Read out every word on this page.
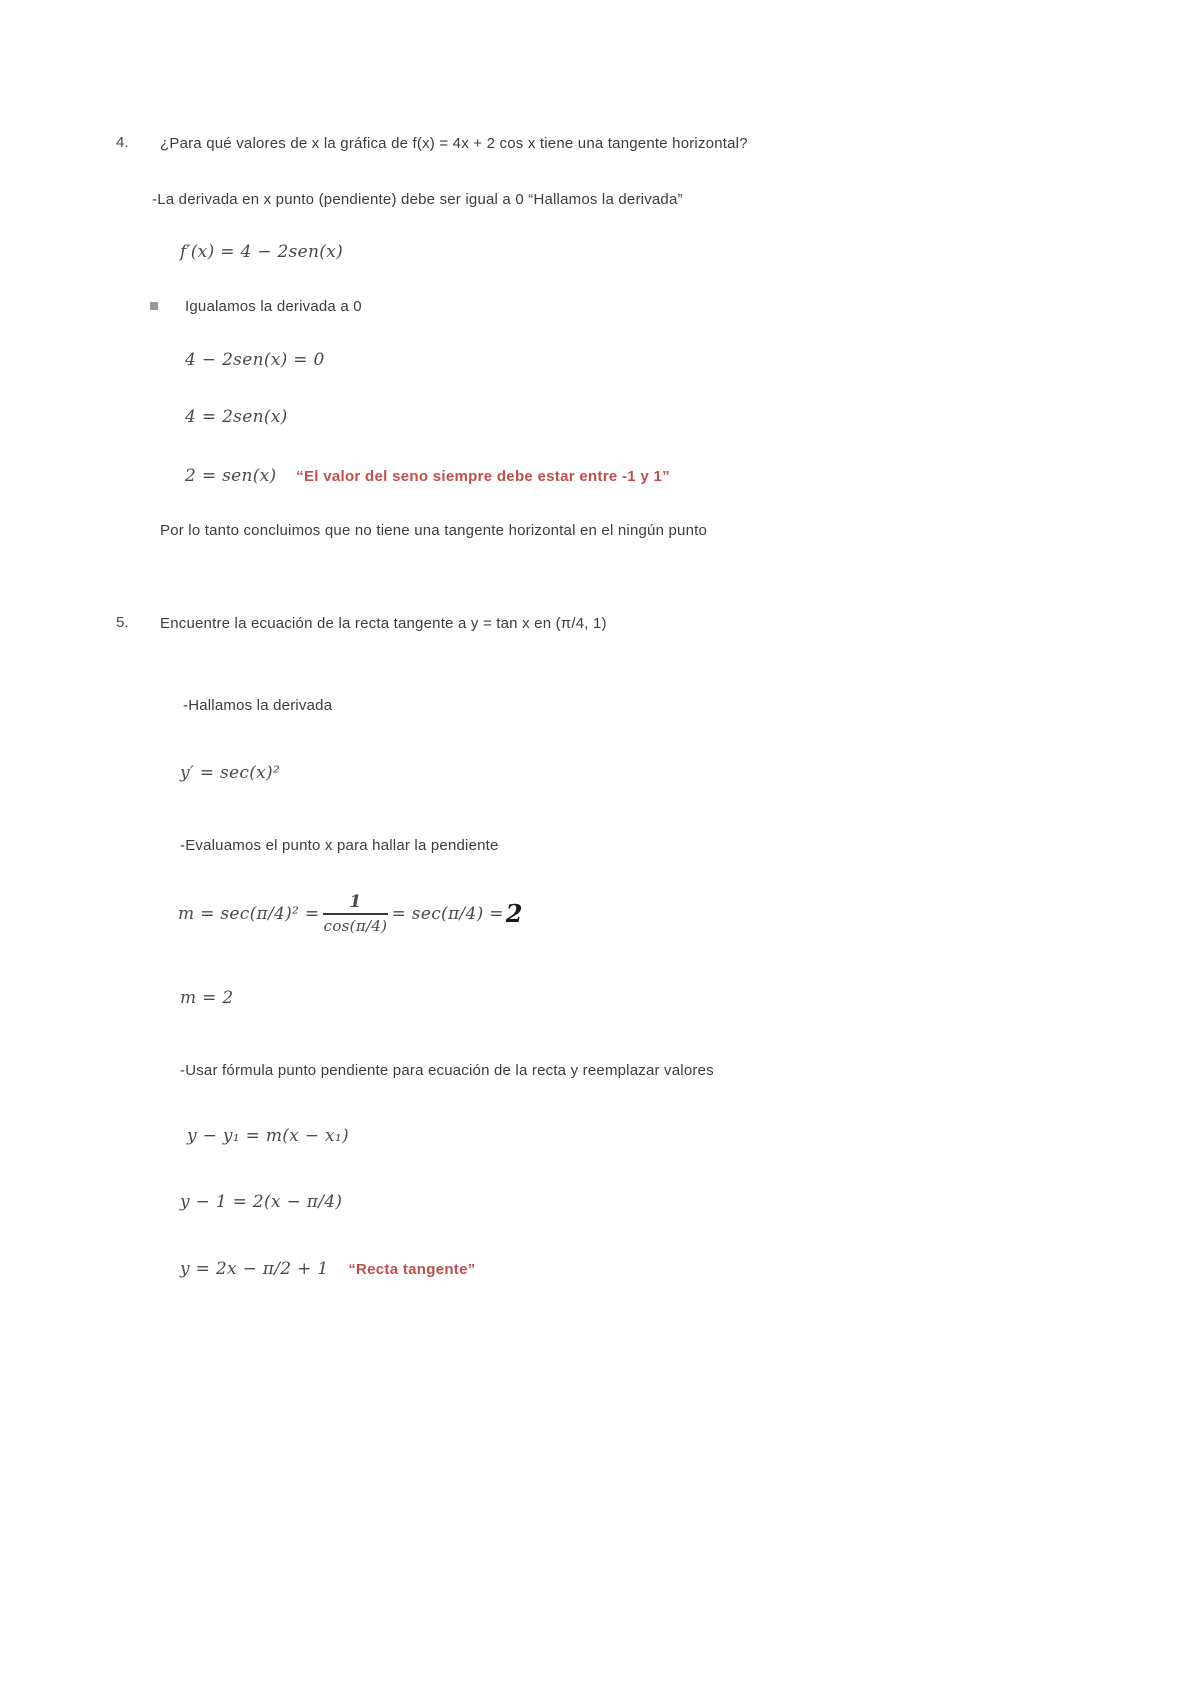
4. ¿Para qué valores de x la gráfica de f(x) = 4x + 2 cos x tiene una tangente horizontal?
-La derivada en x punto (pendiente) debe ser igual a 0 “Hallamos la derivada”
f′(x) = 4 − 2sen(x)
Igualamos la derivada a 0
4 − 2sen(x) = 0
4 = 2sen(x)
2 = sen(x) “El valor del seno siempre debe estar entre -1 y 1”
Por lo tanto concluimos que no tiene una tangente horizontal en el ningún punto
5. Encuentre la ecuación de la recta tangente a y = tan x en (π/4, 1)
-Hallamos la derivada
y′ = sec(x)²
-Evaluamos el punto x para hallar la pendiente
$m = \sec(\pi/4)^2 = \frac{1}{\cos(\pi/4)} = \sec(\pi/4) = 2$
m = 2
-Usar fórmula punto pendiente para ecuación de la recta y reemplazar valores
y − y₁ = m(x − x₁)
y − 1 = 2(x − π/4)
y = 2x − π/2 + 1 “Recta tangente”
